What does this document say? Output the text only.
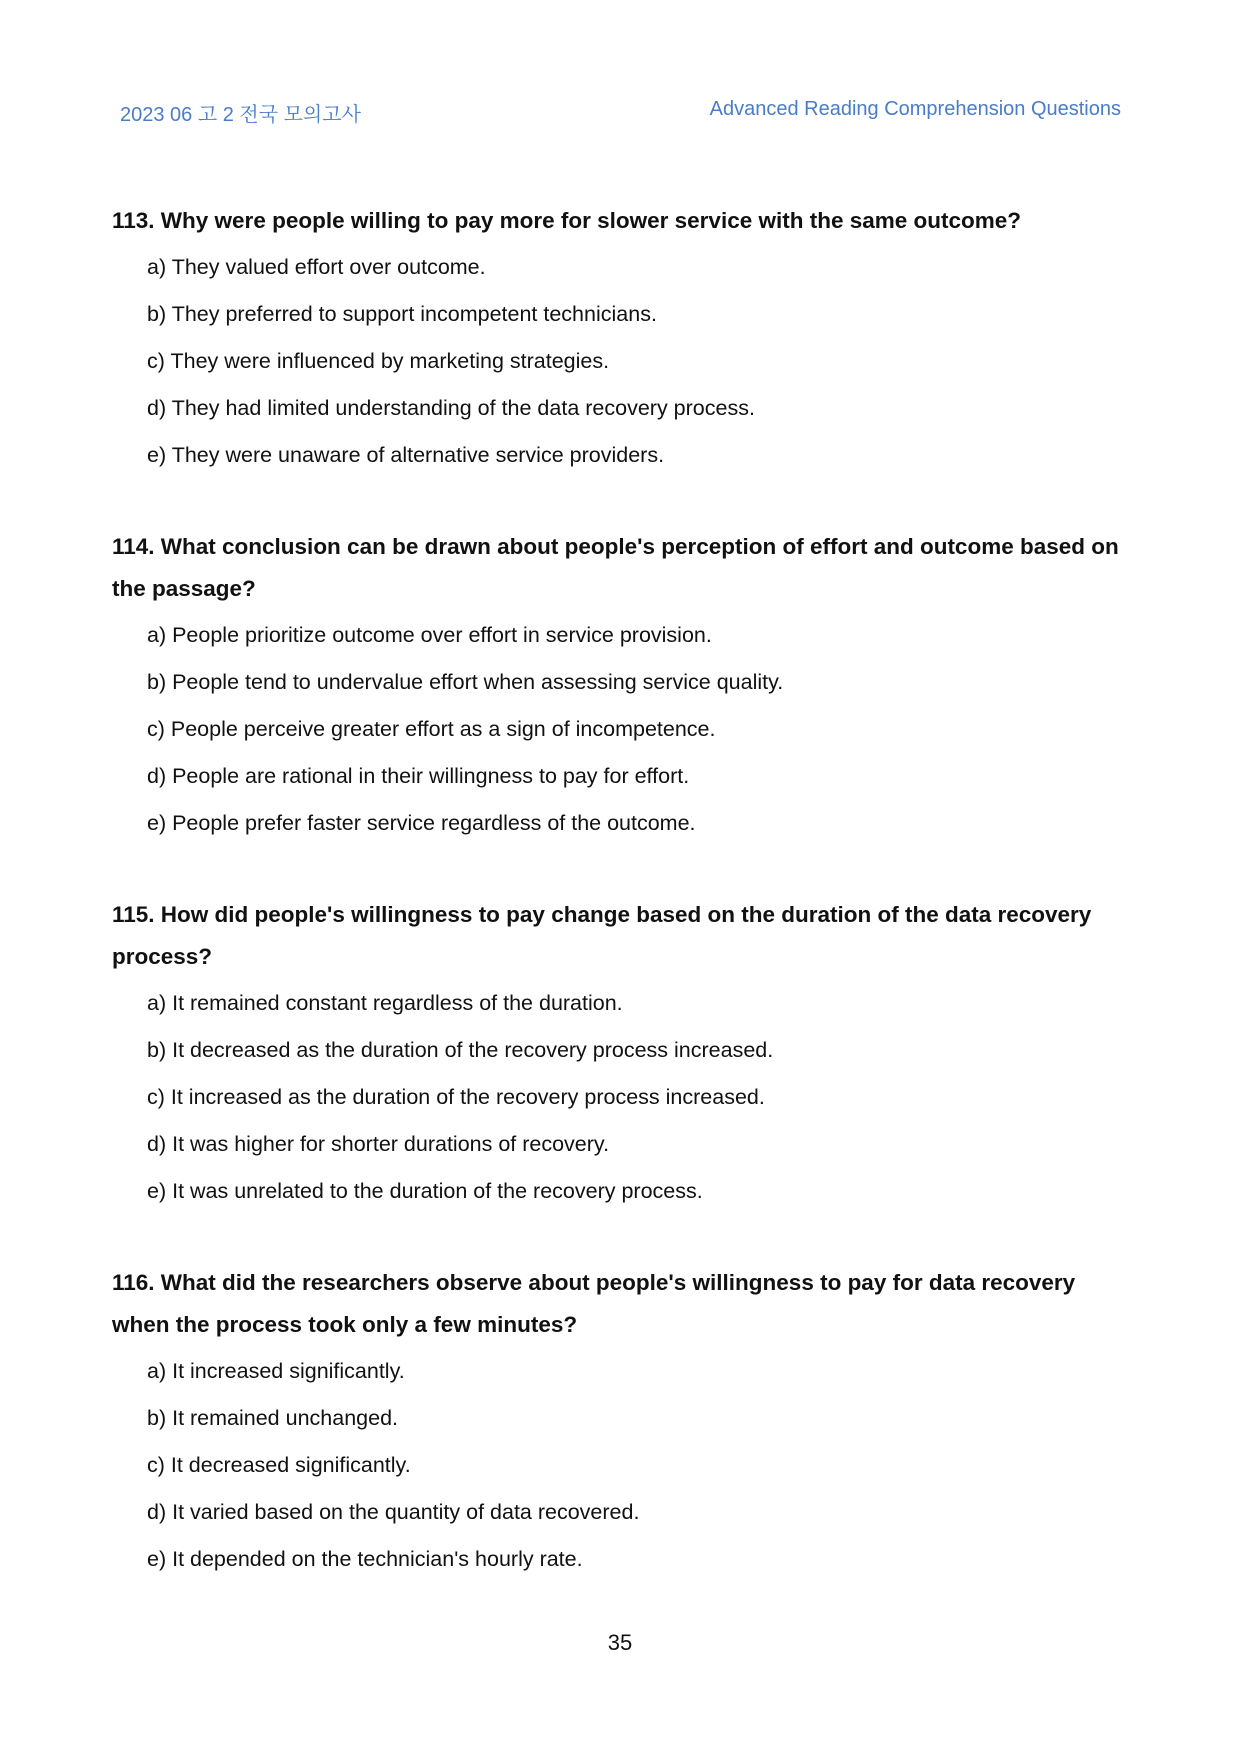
2023 06 고 2 전국 모의고사	Advanced Reading Comprehension Questions

113. Why were people willing to pay more for slower service with the same outcome?

a) They valued effort over outcome.
b) They preferred to support incompetent technicians.
c) They were influenced by marketing strategies.
d) They had limited understanding of the data recovery process.
e) They were unaware of alternative service providers.

114. What conclusion can be drawn about people's perception of effort and outcome based on the passage?

a) People prioritize outcome over effort in service provision.
b) People tend to undervalue effort when assessing service quality.
c) People perceive greater effort as a sign of incompetence.
d) People are rational in their willingness to pay for effort.
e) People prefer faster service regardless of the outcome.

115. How did people's willingness to pay change based on the duration of the data recovery process?

a) It remained constant regardless of the duration.
b) It decreased as the duration of the recovery process increased.
c) It increased as the duration of the recovery process increased.
d) It was higher for shorter durations of recovery.
e) It was unrelated to the duration of the recovery process.

116. What did the researchers observe about people's willingness to pay for data recovery when the process took only a few minutes?

a) It increased significantly.
b) It remained unchanged.
c) It decreased significantly.
d) It varied based on the quantity of data recovered.
e) It depended on the technician's hourly rate.
35
